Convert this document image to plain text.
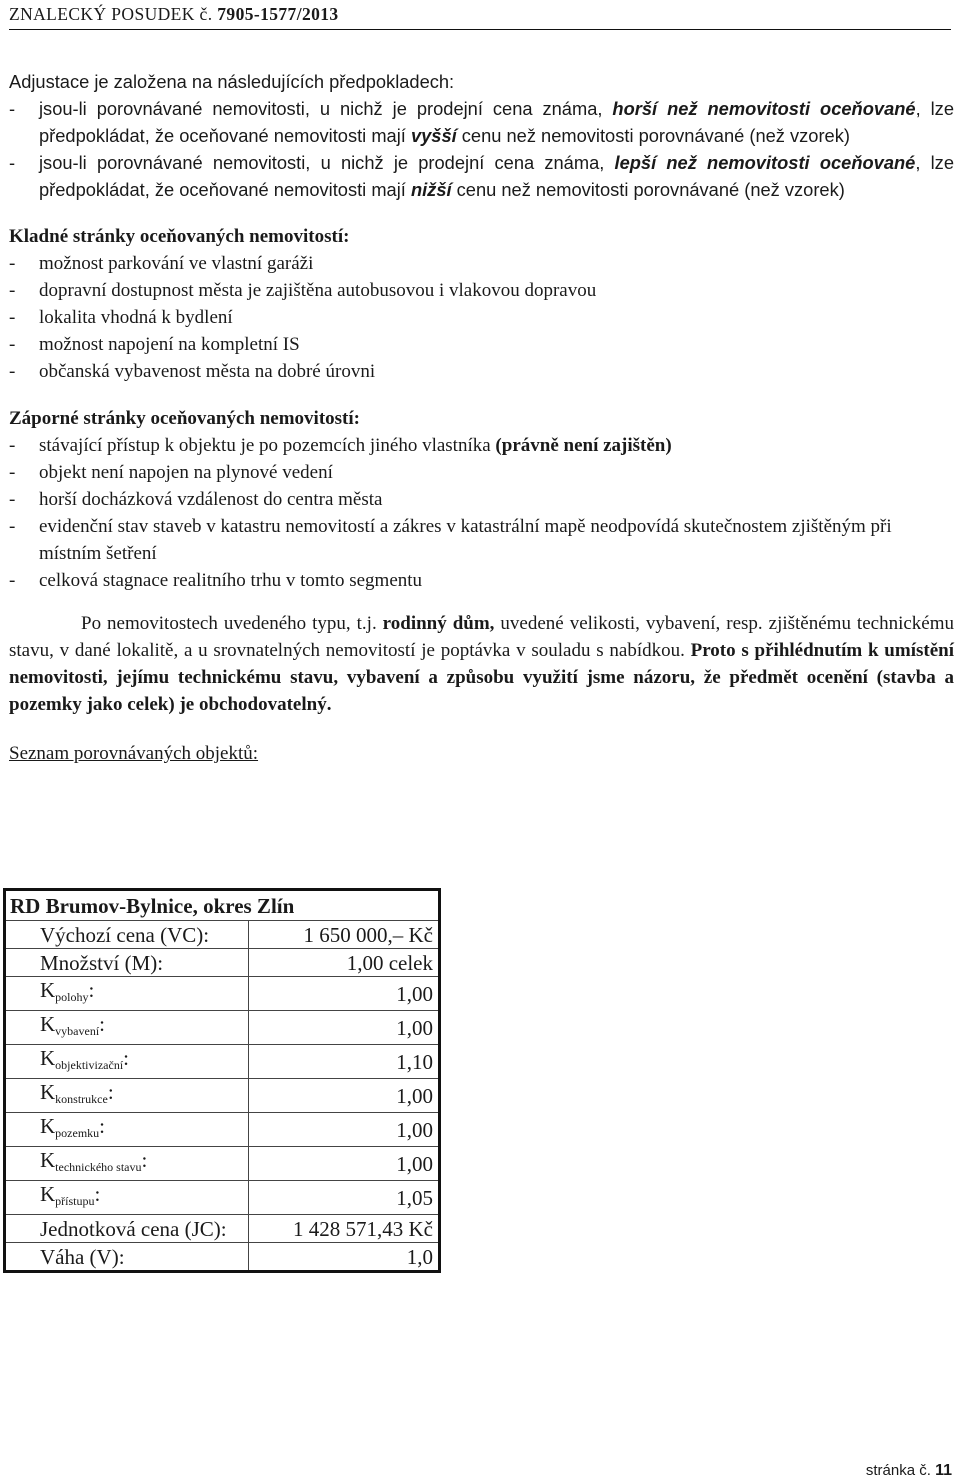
ZNALECKÝ POSUDEK č. 7905-1577/2013

Adjustace je založena na následujících předpokladech:

- jsou-li porovnávané nemovitosti, u nichž je prodejní cena známa, horší než nemovitosti oceňované, lze předpokládat, že oceňované nemovitosti mají vyšší cenu než nemovitosti porovnávané (než vzorek)
- jsou-li porovnávané nemovitosti, u nichž je prodejní cena známa, lepší než nemovitosti oceňované, lze předpokládat, že oceňované nemovitosti mají nižší cenu než nemovitosti porovnávané (než vzorek)

Kladné stránky oceňovaných nemovitostí:

- možnost parkování ve vlastní garáži
- dopravní dostupnost města je zajištěna autobusovou i vlakovou dopravou
- lokalita vhodná k bydlení
- možnost napojení na kompletní IS
- občanská vybavenost města na dobré úrovni

Záporné stránky oceňovaných nemovitostí:

- stávající přístup k objektu je po pozemcích jiného vlastníka (právně není zajištěn)
- objekt není napojen na plynové vedení
- horší docházková vzdálenost do centra města
- evidenční stav staveb v katastru nemovitostí a zákres v katastrální mapě neodpovídá skutečnostem zjištěným při místním šetření
- celková stagnace realitního trhu v tomto segmentu

Po nemovitostech uvedeného typu, t.j. rodinný dům, uvedené velikosti, vybavení, resp. zjištěnému technickému stavu, v dané lokalitě, a u srovnatelných nemovitostí je poptávka v souladu s nabídkou. Proto s přihlédnutím k umístění nemovitosti, jejímu technickému stavu, vybavení a způsobu využití jsme názoru, že předmět ocenění (stavba a pozemky jako celek) je obchodovatelný.

Seznam porovnávaných objektů:

RD Brumov-Bylnice, okres Zlín	
Výchozí cena (VC):	1 650 000,– Kč
Množství (M):	1,00 celek
$K_{polohy}$:	1,00
$K_{vybavení}$:	1,00
$K_{objektivizační}$:	1,10
$K_{konstrukce}$:	1,00
$K_{pozemku}$:	1,00
$K_{technického stavu}$:	1,00
$K_{přístupu}$:	1,05
Jednotková cena (JC):	1 428 571,43 Kč
Váha (V):	1,0
stránka č. 11
